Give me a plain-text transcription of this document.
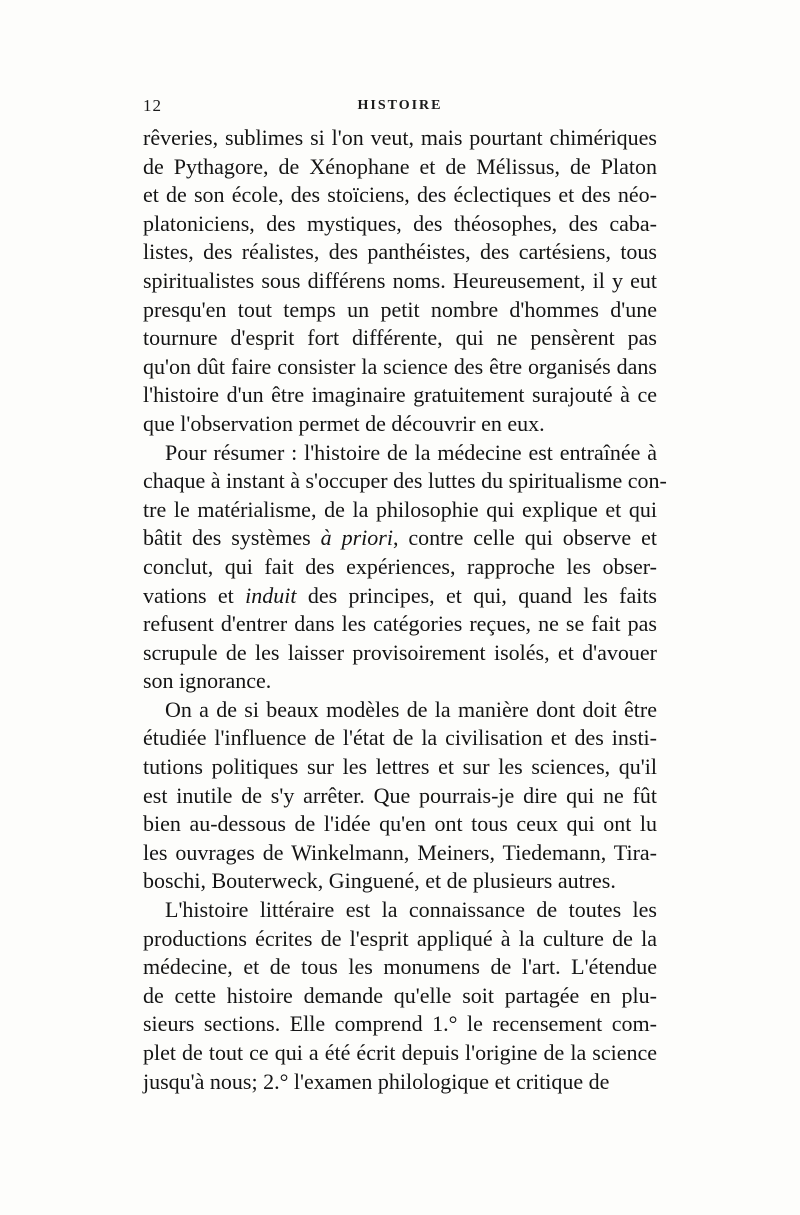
12	HISTOIRE
rêveries, sublimes si l'on veut, mais pourtant chimériques
de Pythagore, de Xénophane et de Mélissus, de Platon
et de son école, des stoïciens, des éclectiques et des néo-
platoniciens, des mystiques, des théosophes, des caba-
listes, des réalistes, des panthéistes, des cartésiens, tous
spiritualistes sous différens noms. Heureusement, il y eut
presqu'en tout temps un petit nombre d'hommes d'une
tournure d'esprit fort différente, qui ne pensèrent pas
qu'on dût faire consister la science des être organisés dans
l'histoire d'un être imaginaire gratuitement surajouté à ce
que l'observation permet de découvrir en eux.
Pour résumer : l'histoire de la médecine est entraînée à
chaque à instant à s'occuper des luttes du spiritualisme con-
tre le matérialisme, de la philosophie qui explique et qui
bâtit des systèmes à priori, contre celle qui observe et
conclut, qui fait des expériences, rapproche les obser-
vations et induit des principes, et qui, quand les faits
refusent d'entrer dans les catégories reçues, ne se fait pas
scrupule de les laisser provisoirement isolés, et d'avouer
son ignorance.
On a de si beaux modèles de la manière dont doit être
étudiée l'influence de l'état de la civilisation et des insti-
tutions politiques sur les lettres et sur les sciences, qu'il
est inutile de s'y arrêter. Que pourrais-je dire qui ne fût
bien au-dessous de l'idée qu'en ont tous ceux qui ont lu
les ouvrages de Winkelmann, Meiners, Tiedemann, Tira-
boschi, Bouterweck, Ginguené, et de plusieurs autres.
L'histoire littéraire est la connaissance de toutes les
productions écrites de l'esprit appliqué à la culture de la
médecine, et de tous les monumens de l'art. L'étendue
de cette histoire demande qu'elle soit partagée en plu-
sieurs sections. Elle comprend 1.° le recensement com-
plet de tout ce qui a été écrit depuis l'origine de la science
jusqu'à nous; 2.° l'examen philologique et critique de
